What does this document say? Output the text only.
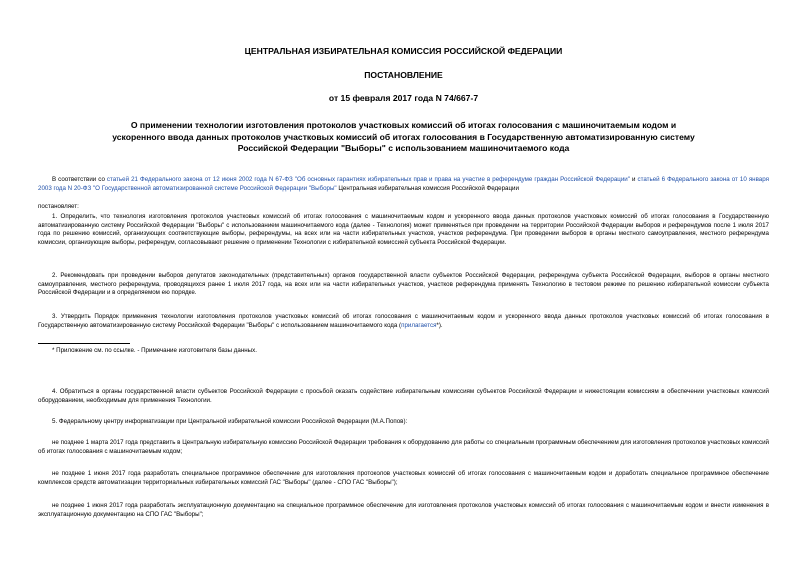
ЦЕНТРАЛЬНАЯ ИЗБИРАТЕЛЬНАЯ КОМИССИЯ РОССИЙСКОЙ ФЕДЕРАЦИИ
ПОСТАНОВЛЕНИЕ
от 15 февраля 2017 года N 74/667-7
О применении технологии изготовления протоколов участковых комиссий об итогах голосования с машиночитаемым кодом и ускоренного ввода данных протоколов участковых комиссий об итогах голосования в Государственную автоматизированную систему Российской Федерации "Выборы" с использованием машиночитаемого кода
В соответствии со статьей 21 Федерального закона от 12 июня 2002 года N 67-ФЗ "Об основных гарантиях избирательных прав и права на участие в референдуме граждан Российской Федерации" и статьей 6 Федерального закона от 10 января 2003 года N 20-ФЗ "О Государственной автоматизированной системе Российской Федерации "Выборы" Центральная избирательная комиссия Российской Федерации
постановляет:
1. Определить, что технология изготовления протоколов участковых комиссий об итогах голосования с машиночитаемым кодом и ускоренного ввода данных протоколов участковых комиссий об итогах голосования в Государственную автоматизированную систему Российской Федерации "Выборы" с использованием машиночитаемого кода (далее - Технология) может применяться при проведении на территории Российской Федерации выборов и референдумов после 1 июля 2017 года по решению комиссий, организующих соответствующие выборы, референдумы, на всех или на части избирательных участков, участков референдума. При проведении выборов в органы местного самоуправления, местного референдума комиссии, организующие выборы, референдум, согласовывают решение о применении Технологии с избирательной комиссией субъекта Российской Федерации.
2. Рекомендовать при проведении выборов депутатов законодательных (представительных) органов государственной власти субъектов Российской Федерации, референдума субъекта Российской Федерации, выборов в органы местного самоуправления, местного референдума, проводящихся ранее 1 июля 2017 года, на всех или на части избирательных участков, участков референдума применять Технологию в тестовом режиме по решению избирательной комиссии субъекта Российской Федерации и в определяемом ею порядке.
3. Утвердить Порядок применения технологии изготовления протоколов участковых комиссий об итогах голосования с машиночитаемым кодом и ускоренного ввода данных протоколов участковых комиссий об итогах голосования в Государственную автоматизированную систему Российской Федерации "Выборы" с использованием машиночитаемого кода (прилагается*).
* Приложение см. по ссылке. - Примечание изготовителя базы данных.
4. Обратиться в органы государственной власти субъектов Российской Федерации с просьбой оказать содействие избирательным комиссиям субъектов Российской Федерации и нижестоящим комиссиям в обеспечении участковых комиссий оборудованием, необходимым для применения Технологии.
5. Федеральному центру информатизации при Центральной избирательной комиссии Российской Федерации (М.А.Попов):
не позднее 1 марта 2017 года представить в Центральную избирательную комиссию Российской Федерации требования к оборудованию для работы со специальным программным обеспечением для изготовления протоколов участковых комиссий об итогах голосования с машиночитаемым кодом;
не позднее 1 июня 2017 года разработать специальное программное обеспечение для изготовления протоколов участковых комиссий об итогах голосования с машиночитаемым кодом и доработать специальное программное обеспечение комплексов средств автоматизации территориальных избирательных комиссий ГАС "Выборы" (далее - СПО ГАС "Выборы");
не позднее 1 июня 2017 года разработать эксплуатационную документацию на специальное программное обеспечение для изготовления протоколов участковых комиссий об итогах голосования с машиночитаемым кодом и внести изменения в эксплуатационную документацию на СПО ГАС "Выборы";
